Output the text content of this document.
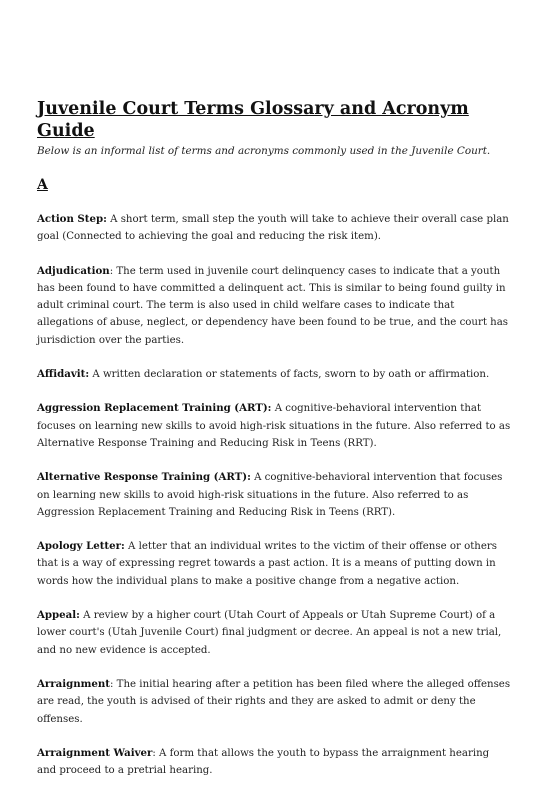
Juvenile Court Terms Glossary and Acronym Guide

Below is an informal list of terms and acronyms commonly used in the Juvenile Court.

A

Action Step: A short term, small step the youth will take to achieve their overall case plan goal (Connected to achieving the goal and reducing the risk item).

Adjudication: The term used in juvenile court delinquency cases to indicate that a youth has been found to have committed a delinquent act. This is similar to being found guilty in adult criminal court. The term is also used in child welfare cases to indicate that allegations of abuse, neglect, or dependency have been found to be true, and the court has jurisdiction over the parties.

Affidavit: A written declaration or statements of facts, sworn to by oath or affirmation.

Aggression Replacement Training (ART): A cognitive-behavioral intervention that focuses on learning new skills to avoid high-risk situations in the future. Also referred to as Alternative Response Training and Reducing Risk in Teens (RRT).

Alternative Response Training (ART): A cognitive-behavioral intervention that focuses on learning new skills to avoid high-risk situations in the future. Also referred to as Aggression Replacement Training and Reducing Risk in Teens (RRT).

Apology Letter: A letter that an individual writes to the victim of their offense or others that is a way of expressing regret towards a past action. It is a means of putting down in words how the individual plans to make a positive change from a negative action.

Appeal: A review by a higher court (Utah Court of Appeals or Utah Supreme Court) of a lower court's (Utah Juvenile Court) final judgment or decree. An appeal is not a new trial, and no new evidence is accepted.

Arraignment: The initial hearing after a petition has been filed where the alleged offenses are read, the youth is advised of their rights and they are asked to admit or deny the offenses.

Arraignment Waiver: A form that allows the youth to bypass the arraignment hearing and proceed to a pretrial hearing.
